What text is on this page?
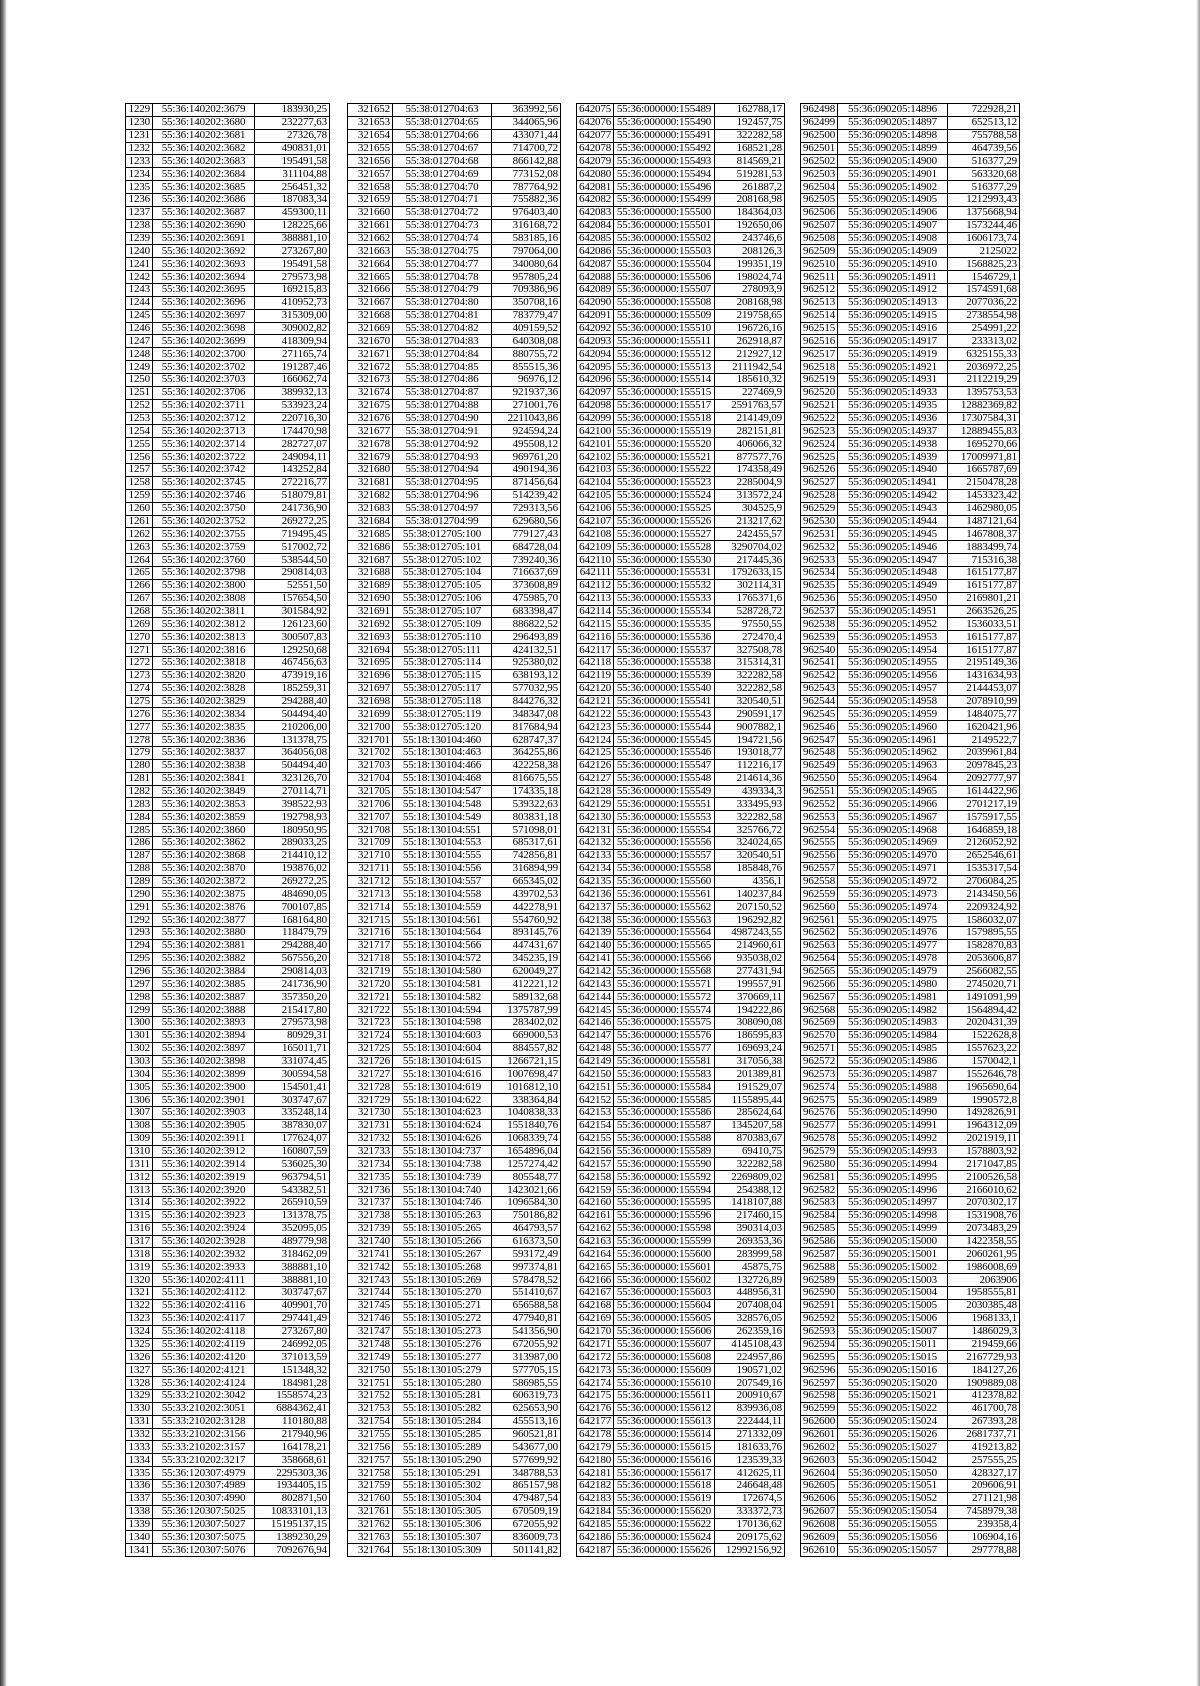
1229	55:36:140202:3679	183930,25
1230	55:36:140202:3680	232277,63
1231	55:36:140202:3681	27326,78
1232	55:36:140202:3682	490831,01
1233	55:36:140202:3683	195491,58
1234	55:36:140202:3684	311104,88
1235	55:36:140202:3685	256451,32
1236	55:36:140202:3686	187083,34
1237	55:36:140202:3687	459300,11
1238	55:36:140202:3690	128225,66
1239	55:36:140202:3691	388881,10
1240	55:36:140202:3692	273267,80
1241	55:36:140202:3693	195491,58
1242	55:36:140202:3694	279573,98
1243	55:36:140202:3695	169215,83
1244	55:36:140202:3696	410952,73
1245	55:36:140202:3697	315309,00
1246	55:36:140202:3698	309002,82
1247	55:36:140202:3699	418309,94
1248	55:36:140202:3700	271165,74
1249	55:36:140202:3702	191287,46
1250	55:36:140202:3703	166062,74
1251	55:36:140202:3706	389932,13
1252	55:36:140202:3711	533923,24
1253	55:36:140202:3712	220716,30
1254	55:36:140202:3713	174470,98
1255	55:36:140202:3714	282727,07
1256	55:36:140202:3722	249094,11
1257	55:36:140202:3742	143252,84
1258	55:36:140202:3745	272216,77
1259	55:36:140202:3746	518079,81
1260	55:36:140202:3750	241736,90
1261	55:36:140202:3752	269272,25
1262	55:36:140202:3755	719495,45
1263	55:36:140202:3759	517002,72
1264	55:36:140202:3760	538544,50
1265	55:36:140202:3798	290814,03
1266	55:36:140202:3800	52551,50
1267	55:36:140202:3808	157654,50
1268	55:36:140202:3811	301584,92
1269	55:36:140202:3812	126123,60
1270	55:36:140202:3813	300507,83
1271	55:36:140202:3816	129250,68
1272	55:36:140202:3818	467456,63
1273	55:36:140202:3820	473919,16
1274	55:36:140202:3828	185259,31
1275	55:36:140202:3829	294288,40
1276	55:36:140202:3834	504494,40
1277	55:36:140202:3835	210206,00
1278	55:36:140202:3836	131378,75
1279	55:36:140202:3837	364056,08
1280	55:36:140202:3838	504494,40
1281	55:36:140202:3841	323126,70
1282	55:36:140202:3849	270114,71
1283	55:36:140202:3853	398522,93
1284	55:36:140202:3859	192798,93
1285	55:36:140202:3860	180950,95
1286	55:36:140202:3862	289033,25
1287	55:36:140202:3868	214410,12
1288	55:36:140202:3870	193876,02
1289	55:36:140202:3872	269272,25
1290	55:36:140202:3875	484690,05
1291	55:36:140202:3876	700107,85
1292	55:36:140202:3877	168164,80
1293	55:36:140202:3880	118479,79
1294	55:36:140202:3881	294288,40
1295	55:36:140202:3882	567556,20
1296	55:36:140202:3884	290814,03
1297	55:36:140202:3885	241736,90
1298	55:36:140202:3887	357350,20
1299	55:36:140202:3888	215417,80
1300	55:36:140202:3893	279573,98
1301	55:36:140202:3894	80929,31
1302	55:36:140202:3897	165011,71
1303	55:36:140202:3898	331074,45
1304	55:36:140202:3899	300594,58
1305	55:36:140202:3900	154501,41
1306	55:36:140202:3901	303747,67
1307	55:36:140202:3903	335248,14
1308	55:36:140202:3905	387830,07
1309	55:36:140202:3911	177624,07
1310	55:36:140202:3912	160807,59
1311	55:36:140202:3914	536025,30
1312	55:36:140202:3919	963794,51
1313	55:36:140202:3920	543382,51
1314	55:36:140202:3922	265910,59
1315	55:36:140202:3923	131378,75
1316	55:36:140202:3924	352095,05
1317	55:36:140202:3928	489779,98
1318	55:36:140202:3932	318462,09
1319	55:36:140202:3933	388881,10
1320	55:36:140202:4111	388881,10
1321	55:36:140202:4112	303747,67
1322	55:36:140202:4116	409901,70
1323	55:36:140202:4117	297441,49
1324	55:36:140202:4118	273267,80
1325	55:36:140202:4119	246992,05
1326	55:36:140202:4120	371013,59
1327	55:36:140202:4121	151348,32
1328	55:36:140202:4124	184981,28
1329	55:33:210202:3042	1558574,23
1330	55:33:210202:3051	6884362,41
1331	55:33:210202:3128	110180,88
1332	55:33:210202:3156	217940,96
1333	55:33:210202:3157	164178,21
1334	55:33:210202:3217	358668,61
1335	55:36:120307:4979	2295303,36
1336	55:36:120307:4989	1934405,15
1337	55:36:120307:4990	802871,50
1338	55:36:120307:5025	10833101,13
1339	55:36:120307:5027	15195137,15
1340	55:36:120307:5075	1389230,29
1341	55:36:120307:5076	7092676,94
321652	55:38:012704:63	363992,56
321653	55:38:012704:65	344065,96
321654	55:38:012704:66	433071,44
321655	55:38:012704:67	714700,72
321656	55:38:012704:68	866142,88
321657	55:38:012704:69	773152,08
321658	55:38:012704:70	787764,92
321659	55:38:012704:71	755882,36
321660	55:38:012704:72	976403,40
321661	55:38:012704:73	316168,72
321662	55:38:012704:74	583185,16
321663	55:38:012704:75	797064,00
321664	55:38:012704:77	340080,64
321665	55:38:012704:78	957805,24
321666	55:38:012704:79	709386,96
321667	55:38:012704:80	350708,16
321668	55:38:012704:81	783779,47
321669	55:38:012704:82	409159,52
321670	55:38:012704:83	640308,08
321671	55:38:012704:84	880755,72
321672	55:38:012704:85	855515,36
321673	55:38:012704:86	96976,12
321674	55:38:012704:87	921937,36
321675	55:38:012704:88	271001,76
321676	55:38:012704:90	2211043,86
321677	55:38:012704:91	924594,24
321678	55:38:012704:92	495508,12
321679	55:38:012704:93	969761,20
321680	55:38:012704:94	490194,36
321681	55:38:012704:95	871456,64
321682	55:38:012704:96	514239,42
321683	55:38:012704:97	729313,56
321684	55:38:012704:99	629680,56
321685	55:38:012705:100	779127,43
321686	55:38:012705:101	684728,04
321687	55:38:012705:102	739240,36
321688	55:38:012705:104	716637,69
321689	55:38:012705:105	373608,89
321690	55:38:012705:106	475985,70
321691	55:38:012705:107	683398,47
321692	55:38:012705:109	886822,52
321693	55:38:012705:110	296493,89
321694	55:38:012705:111	424132,51
321695	55:38:012705:114	925380,02
321696	55:38:012705:115	638193,12
321697	55:38:012705:117	577032,95
321698	55:38:012705:118	844276,32
321699	55:38:012705:119	348347,08
321700	55:38:012705:120	817684,94
321701	55:18:130104:460	628747,37
321702	55:18:130104:463	364255,86
321703	55:18:130104:466	422258,38
321704	55:18:130104:468	816675,55
321705	55:18:130104:547	174335,18
321706	55:18:130104:548	539322,63
321707	55:18:130104:549	803831,18
321708	55:18:130104:551	571098,01
321709	55:18:130104:553	685317,61
321710	55:18:130104:555	742856,81
321711	55:18:130104:556	316894,99
321712	55:18:130104:557	665345,02
321713	55:18:130104:558	439702,53
321714	55:18:130104:559	442278,91
321715	55:18:130104:561	554760,92
321716	55:18:130104:564	893145,76
321717	55:18:130104:566	447431,67
321718	55:18:130104:572	345235,19
321719	55:18:130104:580	620049,27
321720	55:18:130104:581	412221,12
321721	55:18:130104:582	589132,68
321722	55:18:130104:594	1375787,99
321723	55:18:130104:598	283402,02
321724	55:18:130104:603	669000,53
321725	55:18:130104:604	884557,82
321726	55:18:130104:615	1266721,15
321727	55:18:130104:616	1007698,47
321728	55:18:130104:619	1016812,10
321729	55:18:130104:622	338364,84
321730	55:18:130104:623	1040838,33
321731	55:18:130104:624	1551840,76
321732	55:18:130104:626	1068339,74
321733	55:18:130104:737	1654896,04
321734	55:18:130104:738	1257274,42
321735	55:18:130104:739	805548,77
321736	55:18:130104:740	1423021,66
321737	55:18:130104:746	1096584,30
321738	55:18:130105:263	750186,82
321739	55:18:130105:265	464793,57
321740	55:18:130105:266	616373,50
321741	55:18:130105:267	593172,49
321742	55:18:130105:268	997374,81
321743	55:18:130105:269	578478,52
321744	55:18:130105:270	551410,67
321745	55:18:130105:271	656588,58
321746	55:18:130105:272	477940,81
321747	55:18:130105:273	541356,90
321748	55:18:130105:276	672055,92
321749	55:18:130105:277	313987,00
321750	55:18:130105:279	577705,15
321751	55:18:130105:280	586985,55
321752	55:18:130105:281	606319,73
321753	55:18:130105:282	625653,90
321754	55:18:130105:284	455513,16
321755	55:18:130105:285	960521,81
321756	55:18:130105:289	543677,00
321757	55:18:130105:290	577699,92
321758	55:18:130105:291	348788,53
321759	55:18:130105:302	865157,98
321760	55:18:130105:304	479487,54
321761	55:18:130105:305	670509,19
321762	55:18:130105:306	672055,92
321763	55:18:130105:307	836009,73
321764	55:18:130105:309	501141,82
642075	55:36:000000:155489	162788,17
642076	55:36:000000:155490	192457,75
642077	55:36:000000:155491	322282,58
642078	55:36:000000:155492	168521,28
642079	55:36:000000:155493	814569,21
642080	55:36:000000:155494	519281,53
642081	55:36:000000:155496	261887,2
642082	55:36:000000:155499	208168,98
642083	55:36:000000:155500	184364,03
642084	55:36:000000:155501	192650,06
642085	55:36:000000:155502	243746,6
642086	55:36:000000:155503	208126,3
642087	55:36:000000:155504	199351,19
642088	55:36:000000:155506	198024,74
642089	55:36:000000:155507	278093,9
642090	55:36:000000:155508	208168,98
642091	55:36:000000:155509	219758,65
642092	55:36:000000:155510	196726,16
642093	55:36:000000:155511	262918,87
642094	55:36:000000:155512	212927,12
642095	55:36:000000:155513	2111942,54
642096	55:36:000000:155514	185610,32
642097	55:36:000000:155515	227469,9
642098	55:36:000000:155517	2591763,57
642099	55:36:000000:155518	214149,09
642100	55:36:000000:155519	282151,81
642101	55:36:000000:155520	406066,32
642102	55:36:000000:155521	877577,76
642103	55:36:000000:155522	174358,49
642104	55:36:000000:155523	2285004,9
642105	55:36:000000:155524	313572,24
642106	55:36:000000:155525	304525,9
642107	55:36:000000:155526	213217,62
642108	55:36:000000:155527	242455,57
642109	55:36:000000:155528	3290704,02
642110	55:36:000000:155530	217445,36
642111	55:36:000000:155531	1792633,15
642112	55:36:000000:155532	302114,31
642113	55:36:000000:155533	1765371,6
642114	55:36:000000:155534	528728,72
642115	55:36:000000:155535	97550,55
642116	55:36:000000:155536	272470,4
642117	55:36:000000:155537	327508,78
642118	55:36:000000:155538	315314,31
642119	55:36:000000:155539	322282,58
642120	55:36:000000:155540	322282,58
642121	55:36:000000:155541	320540,51
642122	55:36:000000:155543	290591,17
642123	55:36:000000:155544	9007882,1
642124	55:36:000000:155545	194721,56
642125	55:36:000000:155546	193018,77
642126	55:36:000000:155547	112216,17
642127	55:36:000000:155548	214614,36
642128	55:36:000000:155549	439334,3
642129	55:36:000000:155551	333495,93
642130	55:36:000000:155553	322282,58
642131	55:36:000000:155554	325766,72
642132	55:36:000000:155556	324024,65
642133	55:36:000000:155557	320540,51
642134	55:36:000000:155558	185848,76
642135	55:36:000000:155560	4356,1
642136	55:36:000000:155561	140237,84
642137	55:36:000000:155562	207150,52
642138	55:36:000000:155563	196292,82
642139	55:36:000000:155564	4987243,55
642140	55:36:000000:155565	214960,61
642141	55:36:000000:155566	935038,02
642142	55:36:000000:155568	277431,94
642143	55:36:000000:155571	199557,91
642144	55:36:000000:155572	370669,11
642145	55:36:000000:155574	194222,86
642146	55:36:000000:155575	308090,08
642147	55:36:000000:155576	186595,83
642148	55:36:000000:155577	169693,24
642149	55:36:000000:155581	317056,38
642150	55:36:000000:155583	201389,81
642151	55:36:000000:155584	191529,07
642152	55:36:000000:155585	1155895,44
642153	55:36:000000:155586	285624,64
642154	55:36:000000:155587	1345207,58
642155	55:36:000000:155588	870383,67
642156	55:36:000000:155589	69410,75
642157	55:36:000000:155590	322282,58
642158	55:36:000000:155592	2269809,02
642159	55:36:000000:155594	254388,12
642160	55:36:000000:155595	1418107,88
642161	55:36:000000:155596	217460,15
642162	55:36:000000:155598	390314,03
642163	55:36:000000:155599	269353,36
642164	55:36:000000:155600	283999,58
642165	55:36:000000:155601	45875,75
642166	55:36:000000:155602	132726,89
642167	55:36:000000:155603	448956,31
642168	55:36:000000:155604	207408,04
642169	55:36:000000:155605	328576,05
642170	55:36:000000:155606	262359,16
642171	55:36:000000:155607	4145108,43
642172	55:36:000000:155608	224957,86
642173	55:36:000000:155609	190571,02
642174	55:36:000000:155610	207549,16
642175	55:36:000000:155611	200910,67
642176	55:36:000000:155612	839936,08
642177	55:36:000000:155613	222444,11
642178	55:36:000000:155614	271332,09
642179	55:36:000000:155615	181633,76
642180	55:36:000000:155616	123539,33
642181	55:36:000000:155617	412625,11
642182	55:36:000000:155618	246648,48
642183	55:36:000000:155619	172674,5
642184	55:36:000000:155620	333372,73
642185	55:36:000000:155622	170136,62
642186	55:36:000000:155624	209175,62
642187	55:36:000000:155626	12992156,92
962498	55:36:090205:14896	722928,21
962499	55:36:090205:14897	652513,12
962500	55:36:090205:14898	755788,58
962501	55:36:090205:14899	464739,56
962502	55:36:090205:14900	516377,29
962503	55:36:090205:14901	563320,68
962504	55:36:090205:14902	516377,29
962505	55:36:090205:14905	1212993,43
962506	55:36:090205:14906	1375668,94
962507	55:36:090205:14907	1573244,46
962508	55:36:090205:14908	1606173,74
962509	55:36:090205:14909	2125022
962510	55:36:090205:14910	1568825,23
962511	55:36:090205:14911	1546729,1
962512	55:36:090205:14912	1574591,68
962513	55:36:090205:14913	2077036,22
962514	55:36:090205:14915	2738554,98
962515	55:36:090205:14916	254991,22
962516	55:36:090205:14917	233313,02
962517	55:36:090205:14919	6325155,33
962518	55:36:090205:14921	2036972,25
962519	55:36:090205:14931	2112219,29
962520	55:36:090205:14933	1395753,53
962521	55:36:090205:14935	12882369,82
962522	55:36:090205:14936	17307584,31
962523	55:36:090205:14937	12889455,83
962524	55:36:090205:14938	1695270,66
962525	55:36:090205:14939	17009971,81
962526	55:36:090205:14940	1665787,69
962527	55:36:090205:14941	2150478,28
962528	55:36:090205:14942	1453323,42
962529	55:36:090205:14943	1462980,05
962530	55:36:090205:14944	1487121,64
962531	55:36:090205:14945	1467808,37
962532	55:36:090205:14946	1883499,74
962533	55:36:090205:14947	715316,38
962534	55:36:090205:14948	1615177,87
962535	55:36:090205:14949	1615177,87
962536	55:36:090205:14950	2169801,21
962537	55:36:090205:14951	2663526,25
962538	55:36:090205:14952	1536033,51
962539	55:36:090205:14953	1615177,87
962540	55:36:090205:14954	1615177,87
962541	55:36:090205:14955	2195149,36
962542	55:36:090205:14956	1431634,93
962543	55:36:090205:14957	2144453,07
962544	55:36:090205:14958	2078910,99
962545	55:36:090205:14959	1484075,77
962546	55:36:090205:14960	1620421,96
962547	55:36:090205:14961	2149522,7
962548	55:36:090205:14962	2039961,84
962549	55:36:090205:14963	2097845,23
962550	55:36:090205:14964	2092777,97
962551	55:36:090205:14965	1614422,96
962552	55:36:090205:14966	2701217,19
962553	55:36:090205:14967	1575917,55
962554	55:36:090205:14968	1646859,18
962555	55:36:090205:14969	2126052,92
962556	55:36:090205:14970	2652546,61
962557	55:36:090205:14971	1535317,54
962558	55:36:090205:14972	2706084,25
962559	55:36:090205:14973	2143450,56
962560	55:36:090205:14974	2209324,92
962561	55:36:090205:14975	1586032,07
962562	55:36:090205:14976	1579895,55
962563	55:36:090205:14977	1582870,83
962564	55:36:090205:14978	2053606,87
962565	55:36:090205:14979	2566082,55
962566	55:36:090205:14980	2745020,71
962567	55:36:090205:14981	1491091,99
962568	55:36:090205:14982	1564894,42
962569	55:36:090205:14983	2020431,39
962570	55:36:090205:14984	1522628,8
962571	55:36:090205:14985	1557623,22
962572	55:36:090205:14986	1570042,1
962573	55:36:090205:14987	1552646,78
962574	55:36:090205:14988	1965690,64
962575	55:36:090205:14989	1990572,8
962576	55:36:090205:14990	1492826,91
962577	55:36:090205:14991	1964312,09
962578	55:36:090205:14992	2021919,11
962579	55:36:090205:14993	1578803,92
962580	55:36:090205:14994	2171047,85
962581	55:36:090205:14995	2100526,58
962582	55:36:090205:14996	2166010,62
962583	55:36:090205:14997	2070302,17
962584	55:36:090205:14998	1531908,76
962585	55:36:090205:14999	2073483,29
962586	55:36:090205:15000	1422358,55
962587	55:36:090205:15001	2060261,95
962588	55:36:090205:15002	1986008,69
962589	55:36:090205:15003	2063906
962590	55:36:090205:15004	1958555,81
962591	55:36:090205:15005	2030385,48
962592	55:36:090205:15006	1968133,1
962593	55:36:090205:15007	1486029,3
962594	55:36:090205:15011	219459,66
962595	55:36:090205:15015	2167729,93
962596	55:36:090205:15016	184127,26
962597	55:36:090205:15020	1909889,08
962598	55:36:090205:15021	412378,82
962599	55:36:090205:15022	461700,78
962600	55:36:090205:15024	267393,28
962601	55:36:090205:15026	2681737,71
962602	55:36:090205:15027	419213,82
962603	55:36:090205:15042	257555,25
962604	55:36:090205:15050	428327,17
962605	55:36:090205:15051	209606,91
962606	55:36:090205:15052	271121,98
962607	55:36:090205:15054	7458979,38
962608	55:36:090205:15055	239358,4
962609	55:36:090205:15056	106904,16
962610	55:36:090205:15057	297778,88
